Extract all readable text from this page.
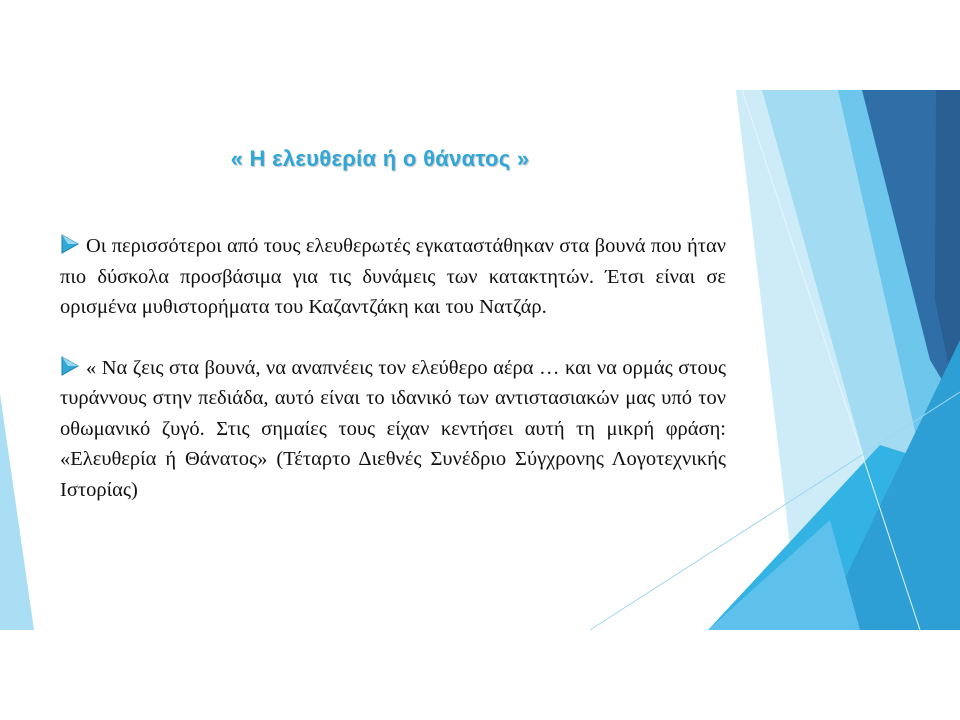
« Η ελευθερία ή ο θάνατος »

Οι περισσότεροι από τους ελευθερωτές εγκαταστάθηκαν στα βουνά που ήταν πιο δύσκολα προσβάσιμα για τις δυνάμεις των κατακτητών. Έτσι είναι σε ορισμένα μυθιστορήματα του Καζαντζάκη και του Νατζάρ.

« Να ζεις στα βουνά, να αναπνέεις τον ελεύθερο αέρα … και να ορμάς στους τυράννους στην πεδιάδα, αυτό είναι το ιδανικό των αντιστασιακών μας υπό τον οθωμανικό ζυγό. Στις σημαίες τους είχαν κεντήσει αυτή τη μικρή φράση: «Ελευθερία ή Θάνατος» (Τέταρτο Διεθνές Συνέδριο Σύγχρονης Λογοτεχνικής Ιστορίας)
